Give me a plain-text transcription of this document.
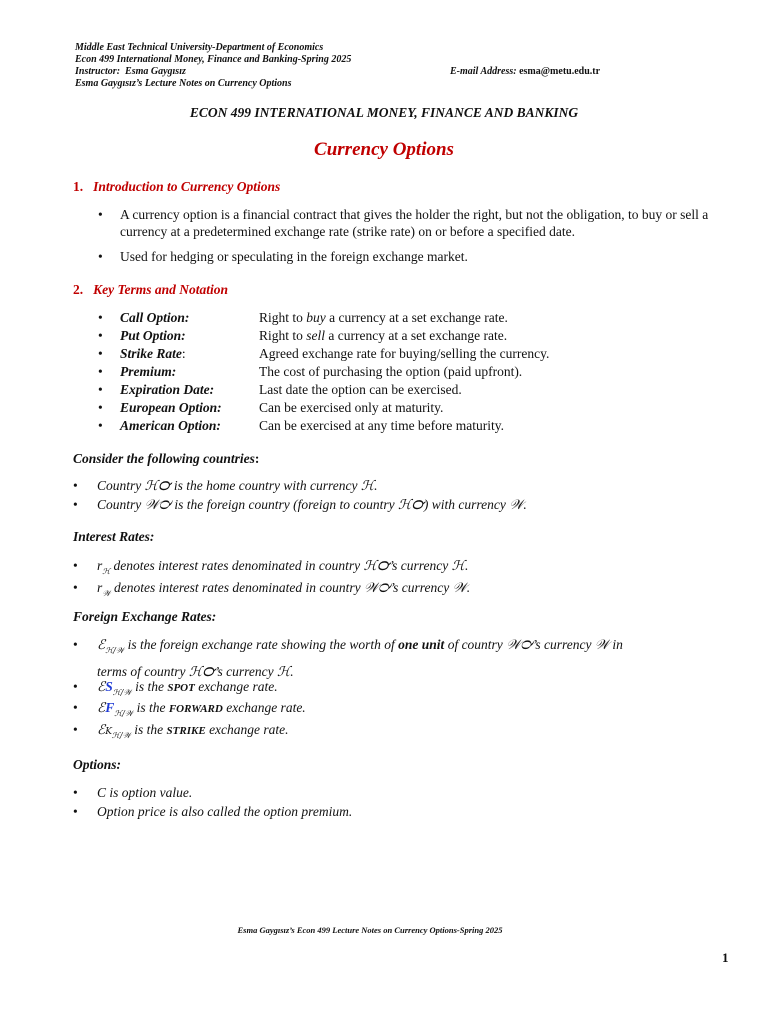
Middle East Technical University-Department of Economics
Econ 499 International Money, Finance and Banking-Spring 2025
Instructor:  Esma Gaygısız	E-mail Address: esma@metu.edu.tr
Esma Gaygısız’s Lecture Notes on Currency Options
ECON 499 INTERNATIONAL MONEY, FINANCE AND BANKING
Currency Options
1. Introduction to Currency Options
• A currency option is a financial contract that gives the holder the right, but not the obligation, to buy or sell a currency at a predetermined exchange rate (strike rate) on or before a specified date.
• Used for hedging or speculating in the foreign exchange market.
2. Key Terms and Notation
• Call Option:	Right to buy a currency at a set exchange rate.
• Put Option:	Right to sell a currency at a set exchange rate.
• Strike Rate:	Agreed exchange rate for buying/selling the currency.
• Premium:	The cost of purchasing the option (paid upfront).
• Expiration Date:	Last date the option can be exercised.
• European Option:	Can be exercised only at maturity.
• American Option:	Can be exercised at any time before maturity.
Consider the following countries:
• Country ℋ℺ is the home country with currency ℋ.
• Country 𝒲℺ is the foreign country (foreign to country ℋ℺) with currency 𝒲.
Interest Rates:
• $r_ℋ$ denotes interest rates denominated in country ℋ℺’s currency ℋ.
• $r_𝒲$ denotes interest rates denominated in country 𝒲℺’s currency 𝒲.
Foreign Exchange Rates:
• ℰ$_{ℋ/𝒲}$ is the foreign exchange rate showing the worth of one unit of country 𝒲℺’s currency 𝒲 in
terms of country ℋ℺’s currency ℋ.
• ℰS$_{ℋ/𝒲}$ is the SPOT exchange rate.
• ℰF$_{ℋ/𝒲}$ is the FORWARD exchange rate.
• ℰK$_{ℋ/𝒲}$ is the STRIKE exchange rate.
Options:
• C is option value.
• Option price is also called the option premium.
Esma Gaygısız’s Econ 499 Lecture Notes on Currency Options-Spring 2025
1
